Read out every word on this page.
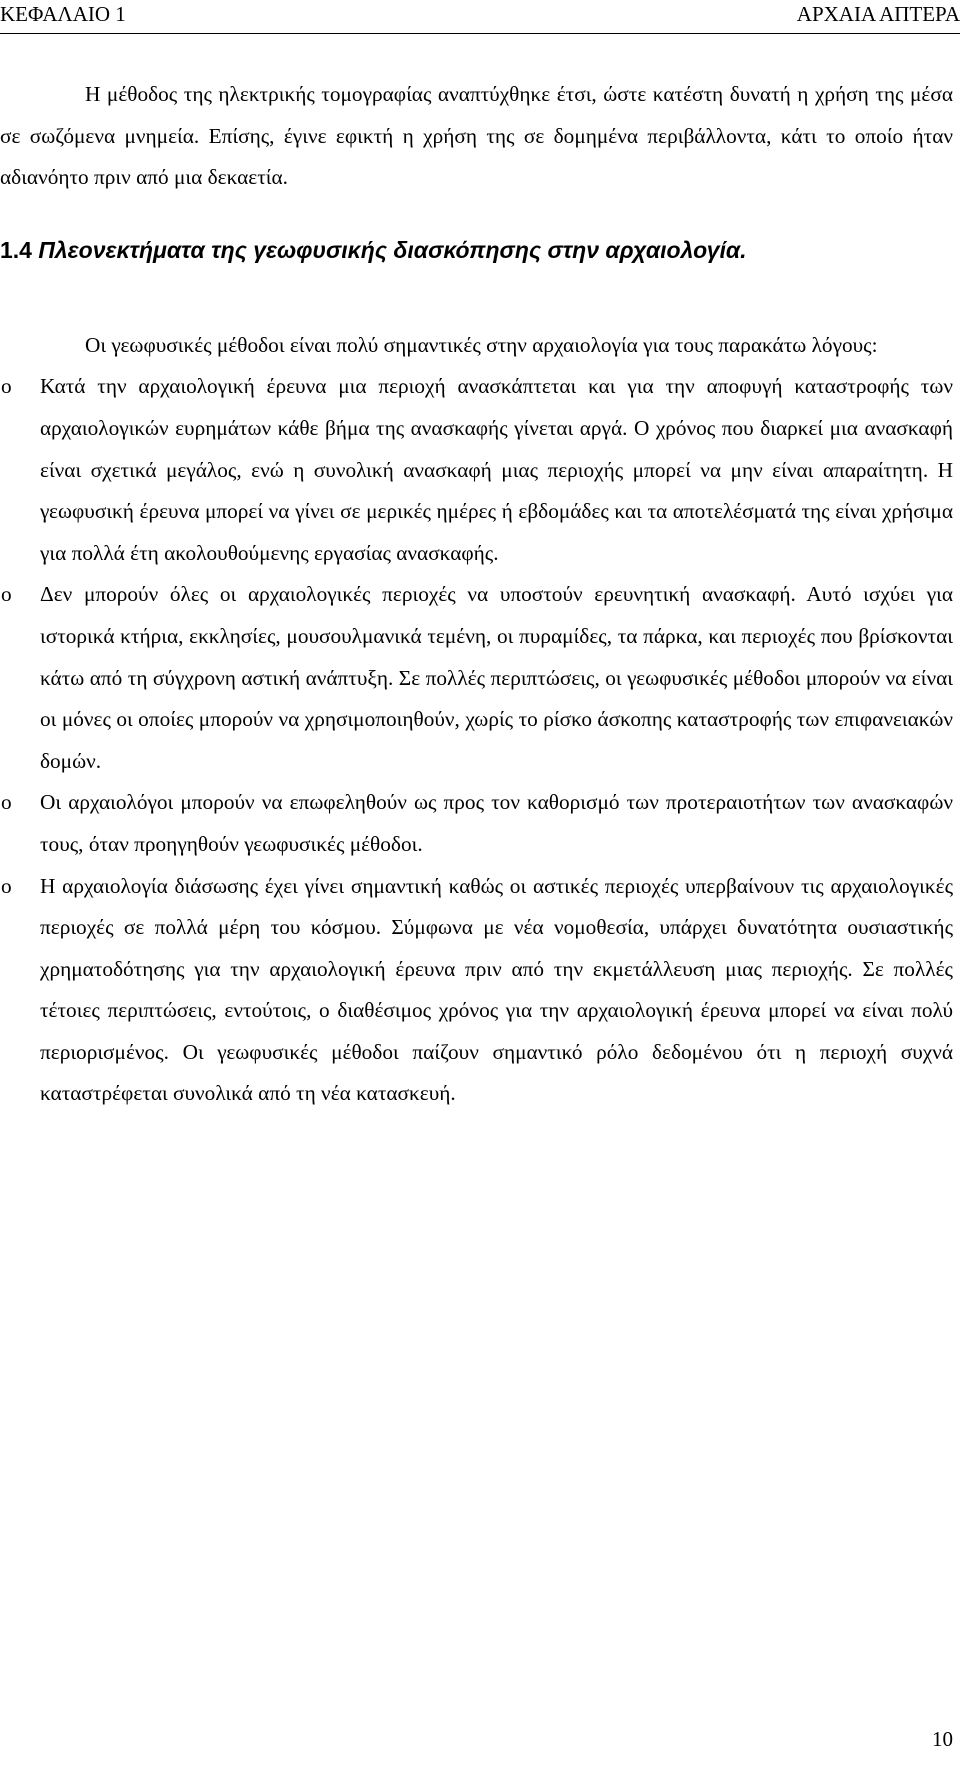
ΚΕΦΑΛΑΙΟ 1	ΑΡΧΑΙΑ ΑΠΤΕΡΑ

Η μέθοδος της ηλεκτρικής τομογραφίας αναπτύχθηκε έτσι, ώστε κατέστη δυνατή η χρήση της μέσα σε σωζόμενα μνημεία. Επίσης, έγινε εφικτή η χρήση της σε δομημένα περιβάλλοντα, κάτι το οποίο ήταν αδιανόητο πριν από μια δεκαετία.

1.4 Πλεονεκτήματα της γεωφυσικής διασκόπησης στην αρχαιολογία.

Οι γεωφυσικές μέθοδοι είναι πολύ σημαντικές στην αρχαιολογία για τους παρακάτω λόγους:

o Κατά την αρχαιολογική έρευνα μια περιοχή ανασκάπτεται και για την αποφυγή καταστροφής των αρχαιολογικών ευρημάτων κάθε βήμα της ανασκαφής γίνεται αργά. Ο χρόνος που διαρκεί μια ανασκαφή είναι σχετικά μεγάλος, ενώ η συνολική ανασκαφή μιας περιοχής μπορεί να μην είναι απαραίτητη. Η γεωφυσική έρευνα μπορεί να γίνει σε μερικές ημέρες ή εβδομάδες και τα αποτελέσματά της είναι χρήσιμα για πολλά έτη ακολουθούμενης εργασίας ανασκαφής.
o Δεν μπορούν όλες οι αρχαιολογικές περιοχές να υποστούν ερευνητική ανασκαφή. Αυτό ισχύει για ιστορικά κτήρια, εκκλησίες, μουσουλμανικά τεμένη, οι πυραμίδες, τα πάρκα, και περιοχές που βρίσκονται κάτω από τη σύγχρονη αστική ανάπτυξη. Σε πολλές περιπτώσεις, οι γεωφυσικές μέθοδοι μπορούν να είναι οι μόνες οι οποίες μπορούν να χρησιμοποιηθούν, χωρίς το ρίσκο άσκοπης καταστροφής των επιφανειακών δομών.
o Οι αρχαιολόγοι μπορούν να επωφεληθούν ως προς τον καθορισμό των προτεραιοτήτων των ανασκαφών τους, όταν προηγηθούν γεωφυσικές μέθοδοι.
o Η αρχαιολογία διάσωσης έχει γίνει σημαντική καθώς οι αστικές περιοχές υπερβαίνουν τις αρχαιολογικές περιοχές σε πολλά μέρη του κόσμου. Σύμφωνα με νέα νομοθεσία, υπάρχει δυνατότητα ουσιαστικής χρηματοδότησης για την αρχαιολογική έρευνα πριν από την εκμετάλλευση μιας περιοχής. Σε πολλές τέτοιες περιπτώσεις, εντούτοις, ο διαθέσιμος χρόνος για την αρχαιολογική έρευνα μπορεί να είναι πολύ περιορισμένος. Οι γεωφυσικές μέθοδοι παίζουν σημαντικό ρόλο δεδομένου ότι η περιοχή συχνά καταστρέφεται συνολικά από τη νέα κατασκευή.
10
